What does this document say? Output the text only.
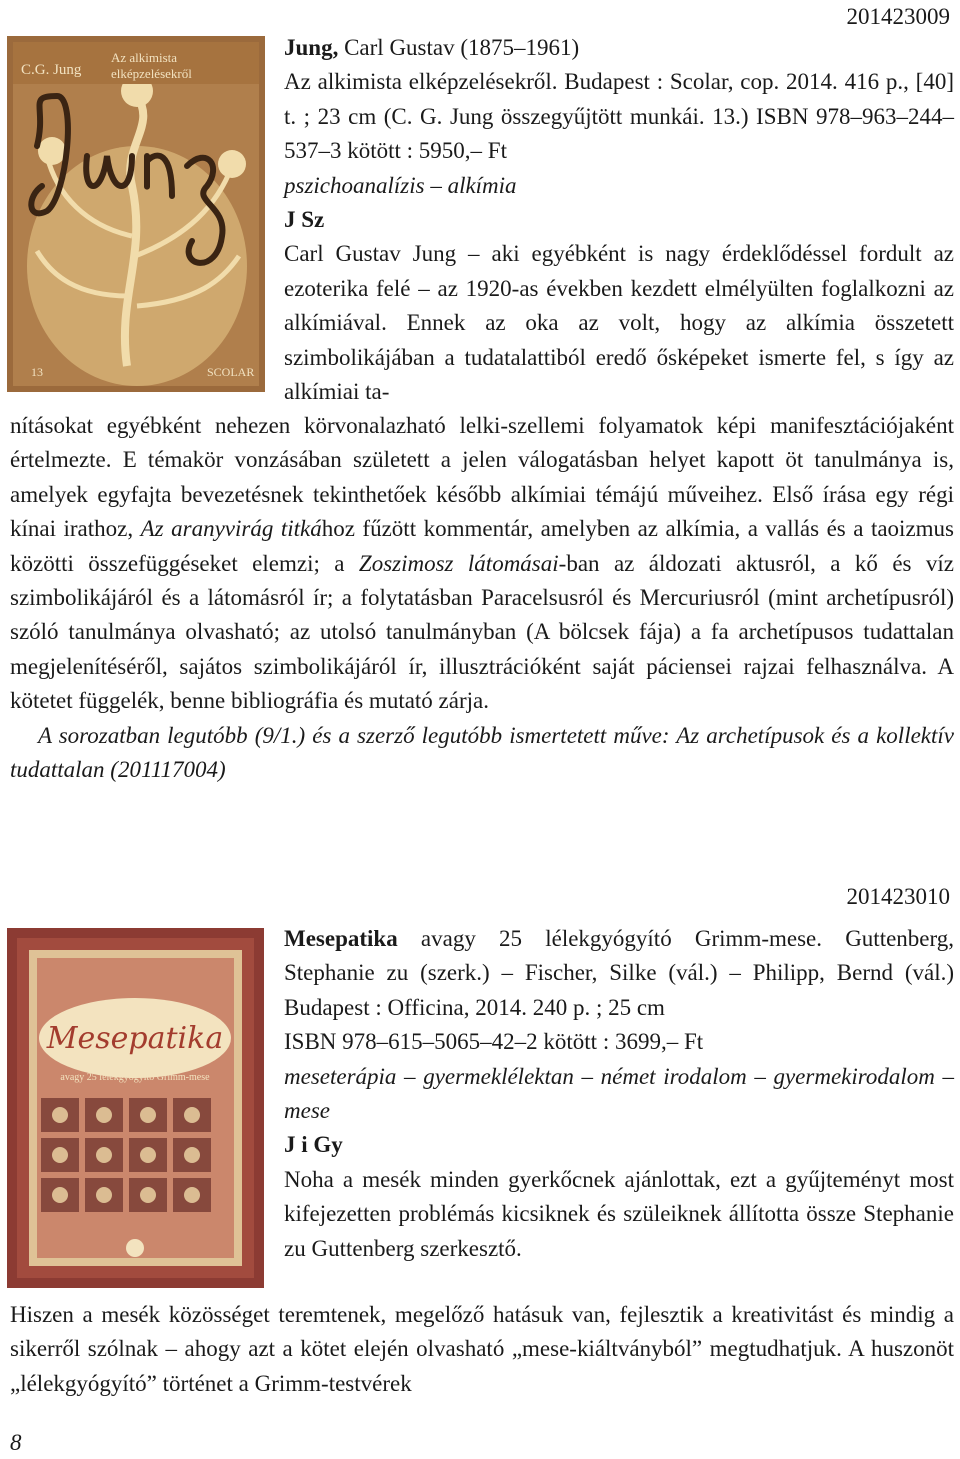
201423009
C.G. Jung
Az alkimista
elképzelésekről
13	SCOLAR

Jung, Carl Gustav (1875–1961)
Az alkimista elképzelésekről. Budapest : Scolar, cop. 2014. 416 p., [40] t. ; 23 cm (C. G. Jung összegyűjtött munkái. 13.) ISBN 978–963–244–537–3 kötött : 5950,– Ft

pszichoanalízis – alkímia

J Sz

Carl Gustav Jung – aki egyébként is nagy érdeklődéssel fordult az ezoterika felé – az 1920-as években kezdett elmélyülten foglalkozni az alkímiával. Ennek az oka az volt, hogy az alkímia összetett szimbolikájában a tudatalattiból eredő ősképeket ismerte fel, s így az alkímiai ta-

nításokat egyébként nehezen körvonalazható lelki-szellemi folyamatok képi manifesztációjaként értelmezte. E témakör vonzásában született a jelen válogatásban helyet kapott öt tanulmánya is, amelyek egyfajta bevezetésnek tekinthetőek később alkímiai témájú műveihez. Első írása egy régi kínai irathoz, Az aranyvirág titkához fűzött kommentár, amelyben az alkímia, a vallás és a taoizmus közötti összefüggéseket elemzi; a Zoszimosz látomásai-ban az áldozati aktusról, a kő és víz szimbolikájáról és a látomásról ír; a folytatásban Paracelsusról és Mercuriusról (mint archetípusról) szóló tanulmánya olvasható; az utolsó tanulmányban (A bölcsek fája) a fa archetípusos tudattalan megjelenítéséről, sajátos szimbolikájáról ír, illusztrációként saját páciensei rajzai felhasználva. A kötetet függelék, benne bibliográfia és mutató zárja.

A sorozatban legutóbb (9/1.) és a szerző legutóbb ismertetett műve: Az archetípusok és a kollektív tudattalan (201117004)

201423010
Mesepatika
avagy 25 lélekgyógyító Grimm-mese

Mesepatika avagy 25 lélekgyógyító Grimm-mese. Guttenberg, Stephanie zu (szerk.) – Fischer, Silke (vál.) – Philipp, Bernd (vál.) Budapest : Officina, 2014. 240 p. ; 25 cm

ISBN 978–615–5065–42–2 kötött : 3699,– Ft

meseterápia – gyermeklélektan – német irodalom – gyermekirodalom – mese

J i Gy

Noha a mesék minden gyerkőcnek ajánlottak, ezt a gyűjteményt most kifejezetten problémás kicsiknek és szüleiknek állította össze Stephanie zu Guttenberg szerkesztő.

Hiszen a mesék közösséget teremtenek, megelőző hatásuk van, fejlesztik a kreativitást és mindig a sikerről szólnak – ahogy azt a kötet elején olvasható „mese-kiáltványból” megtudhatjuk. A huszonöt „lélekgyógyító” történet a Grimm-testvérek

8
